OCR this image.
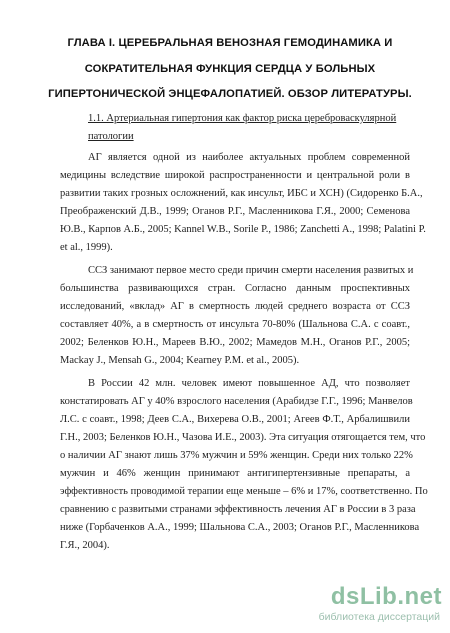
ГЛАВА I. ЦЕРЕБРАЛЬНАЯ ВЕНОЗНАЯ ГЕМОДИНАМИКА И
СОКРАТИТЕЛЬНАЯ ФУНКЦИЯ СЕРДЦА У БОЛЬНЫХ
ГИПЕРТОНИЧЕСКОЙ ЭНЦЕФАЛОПАТИЕЙ. ОБЗОР ЛИТЕРАТУРЫ.
1.1. Артериальная гипертония как фактор риска цереброваскулярной
патологии
АГ является одной из наиболее актуальных проблем современной
медицины вследствие широкой распространенности и центральной роли в
развитии таких грозных осложнений, как инсульт, ИБС и ХСН) (Сидоренко Б.А.,
Преображенский Д.В., 1999; Оганов Р.Г., Масленникова Г.Я., 2000; Семенова
Ю.В., Карпов А.Б., 2005; Kannel W.B., Sorile P., 1986; Zanchetti A., 1998; Palatini P.
et al., 1999).
ССЗ занимают первое место среди причин смерти населения развитых и
большинства развивающихся стран. Согласно данным проспективных
исследований, «вклад» АГ в смертность людей среднего возраста от ССЗ
составляет 40%, а в смертность от инсульта 70-80% (Шальнова С.А. с соавт.,
2002; Беленков Ю.Н., Мареев В.Ю., 2002; Мамедов М.Н., Оганов Р.Г., 2005;
Mackay J., Mensah G., 2004; Kearney P.M. et al., 2005).
В России 42 млн. человек имеют повышенное АД, что позволяет
констатировать АГ у 40% взрослого населения (Арабидзе Г.Г., 1996; Манвелов
Л.С. с соавт., 1998; Деев С.А., Вихерева О.В., 2001; Агеев Ф.Т., Арбалишвили
Г.Н., 2003; Беленков Ю.Н., Чазова И.Е., 2003). Эта ситуация отягощается тем, что
о наличии АГ знают лишь 37% мужчин и 59% женщин. Среди них только 22%
мужчин и 46% женщин принимают антигипертензивные препараты, а
эффективность проводимой терапии еще меньше – 6% и 17%, соответственно. По
сравнению с развитыми странами эффективность лечения АГ в России в 3 раза
ниже (Горбаченков А.А., 1999; Шальнова С.А., 2003; Оганов Р.Г., Масленникова
Г.Я., 2004).
dsLib.net
библиотека диссертаций
